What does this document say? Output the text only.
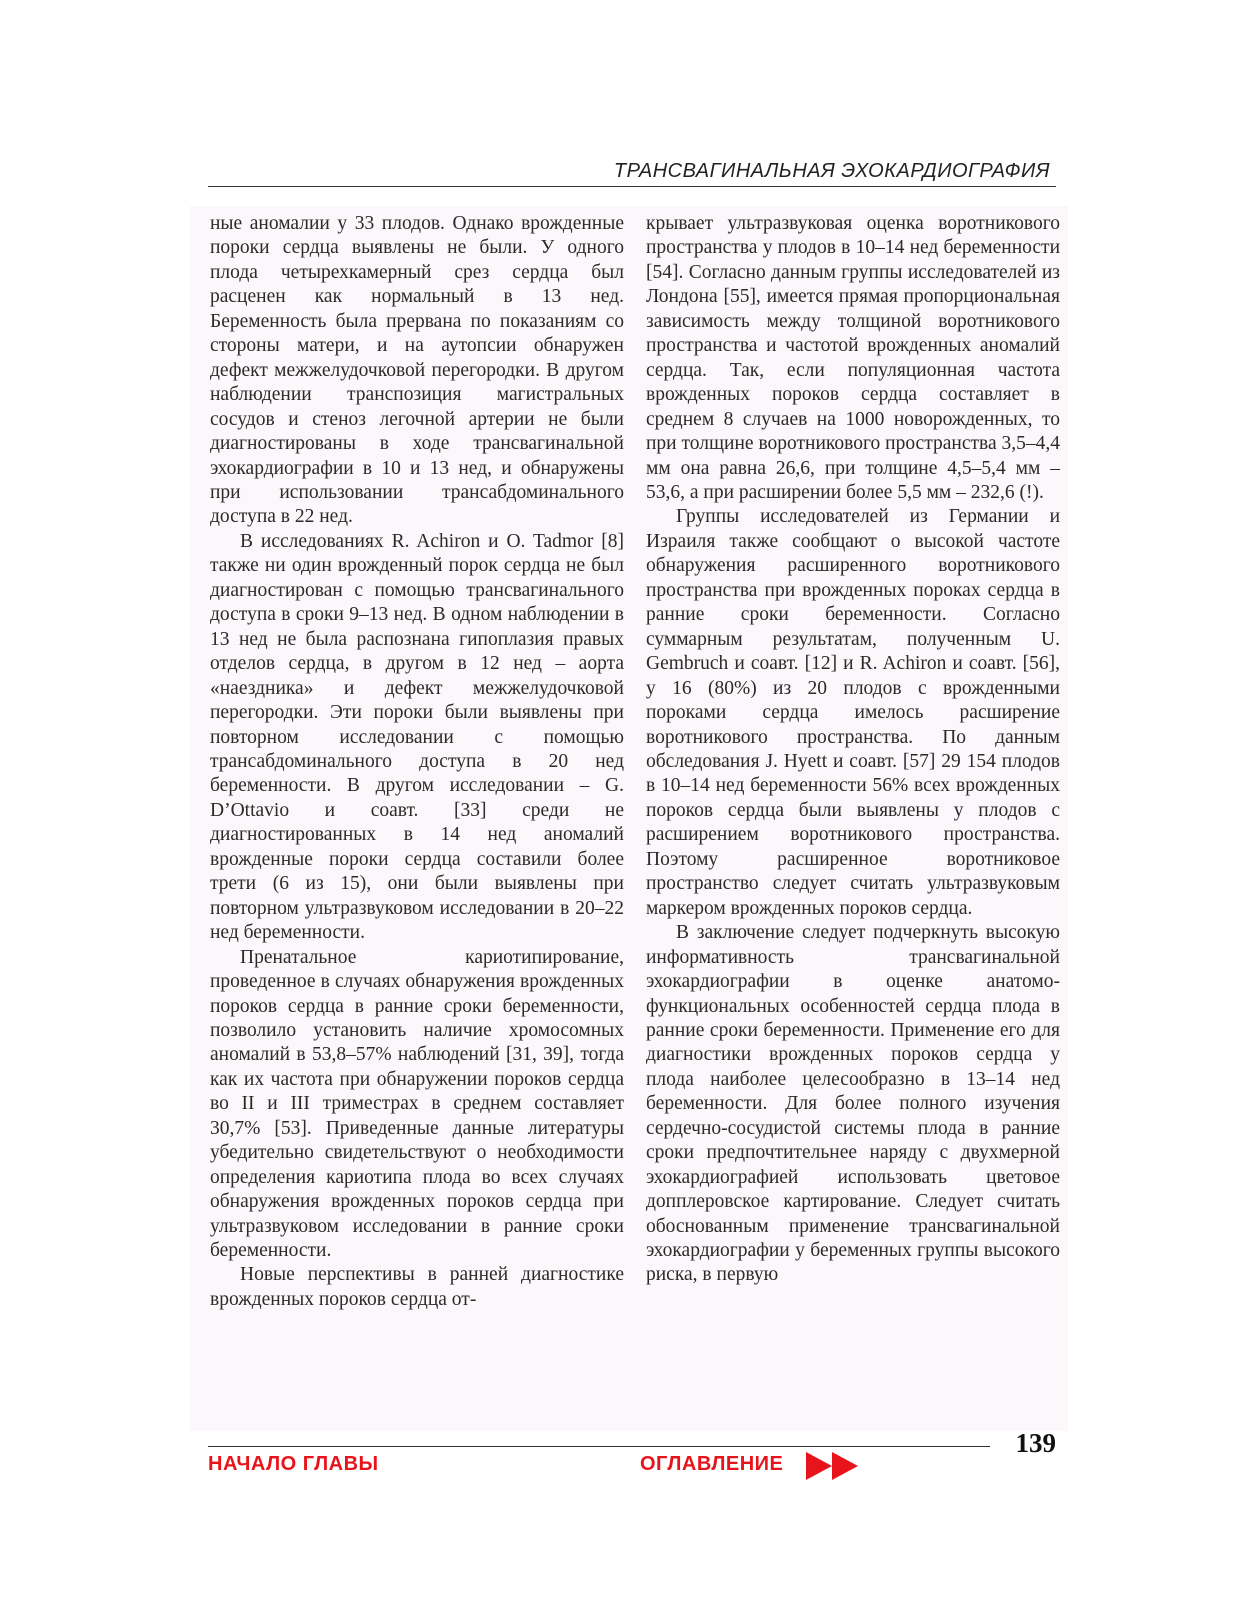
ТРАНСВАГИНАЛЬНАЯ ЭХОКАРДИОГРАФИЯ

ные аномалии у 33 плодов. Однако врожденные пороки сердца выявлены не были. У одного плода четырехкамерный срез сердца был расценен как нормальный в 13 нед. Беременность была прервана по показаниям со стороны матери, и на аутопсии обнаружен дефект межжелудочковой перегородки. В другом наблюдении транспозиция магистральных сосудов и стеноз легочной артерии не были диагностированы в ходе трансвагинальной эхокардиографии в 10 и 13 нед, и обнаружены при использовании трансабдоминального доступа в 22 нед.

В исследованиях R. Achiron и O. Tadmor [8] также ни один врожденный порок сердца не был диагностирован с помощью трансвагинального доступа в сроки 9–13 нед. В одном наблюдении в 13 нед не была распознана гипоплазия правых отделов сердца, в другом в 12 нед – аорта «наездника» и дефект межжелудочковой перегородки. Эти пороки были выявлены при повторном исследовании с помощью трансабдоминального доступа в 20 нед беременности. В другом исследовании – G. D’Ottavio и соавт. [33] среди не диагностированных в 14 нед аномалий врожденные пороки сердца составили более трети (6 из 15), они были выявлены при повторном ультразвуковом исследовании в 20–22 нед беременности.

Пренатальное кариотипирование, проведенное в случаях обнаружения врожденных пороков сердца в ранние сроки беременности, позволило установить наличие хромосомных аномалий в 53,8–57% наблюдений [31, 39], тогда как их частота при обнаружении пороков сердца во II и III триместрах в среднем составляет 30,7% [53]. Приведенные данные литературы убедительно свидетельствуют о необходимости определения кариотипа плода во всех случаях обнаружения врожденных пороков сердца при ультразвуковом исследовании в ранние сроки беременности.

Новые перспективы в ранней диагностике врожденных пороков сердца от-

крывает ультразвуковая оценка воротникового пространства у плодов в 10–14 нед беременности [54]. Согласно данным группы исследователей из Лондона [55], имеется прямая пропорциональная зависимость между толщиной воротникового пространства и частотой врожденных аномалий сердца. Так, если популяционная частота врожденных пороков сердца составляет в среднем 8 случаев на 1000 новорожденных, то при толщине воротникового пространства 3,5–4,4 мм она равна 26,6, при толщине 4,5–5,4 мм – 53,6, а при расширении более 5,5 мм – 232,6 (!).

Группы исследователей из Германии и Израиля также сообщают о высокой частоте обнаружения расширенного воротникового пространства при врожденных пороках сердца в ранние сроки беременности. Согласно суммарным результатам, полученным U. Gembruch и соавт. [12] и R. Achiron и соавт. [56], у 16 (80%) из 20 плодов с врожденными пороками сердца имелось расширение воротникового пространства. По данным обследования J. Hyett и соавт. [57] 29 154 плодов в 10–14 нед беременности 56% всех врожденных пороков сердца были выявлены у плодов с расширением воротникового пространства. Поэтому расширенное воротниковое пространство следует считать ультразвуковым маркером врожденных пороков сердца.

В заключение следует подчеркнуть высокую информативность трансвагинальной эхокардиографии в оценке анатомо-функциональных особенностей сердца плода в ранние сроки беременности. Применение его для диагностики врожденных пороков сердца у плода наиболее целесообразно в 13–14 нед беременности. Для более полного изучения сердечно-сосудистой системы плода в ранние сроки предпочтительнее наряду с двухмерной эхокардиографией использовать цветовое допплеровское картирование. Следует считать обоснованным применение трансвагинальной эхокардиографии у беременных группы высокого риска, в первую

139
НАЧАЛО ГЛАВЫ	ОГЛАВЛЕНИЕ
